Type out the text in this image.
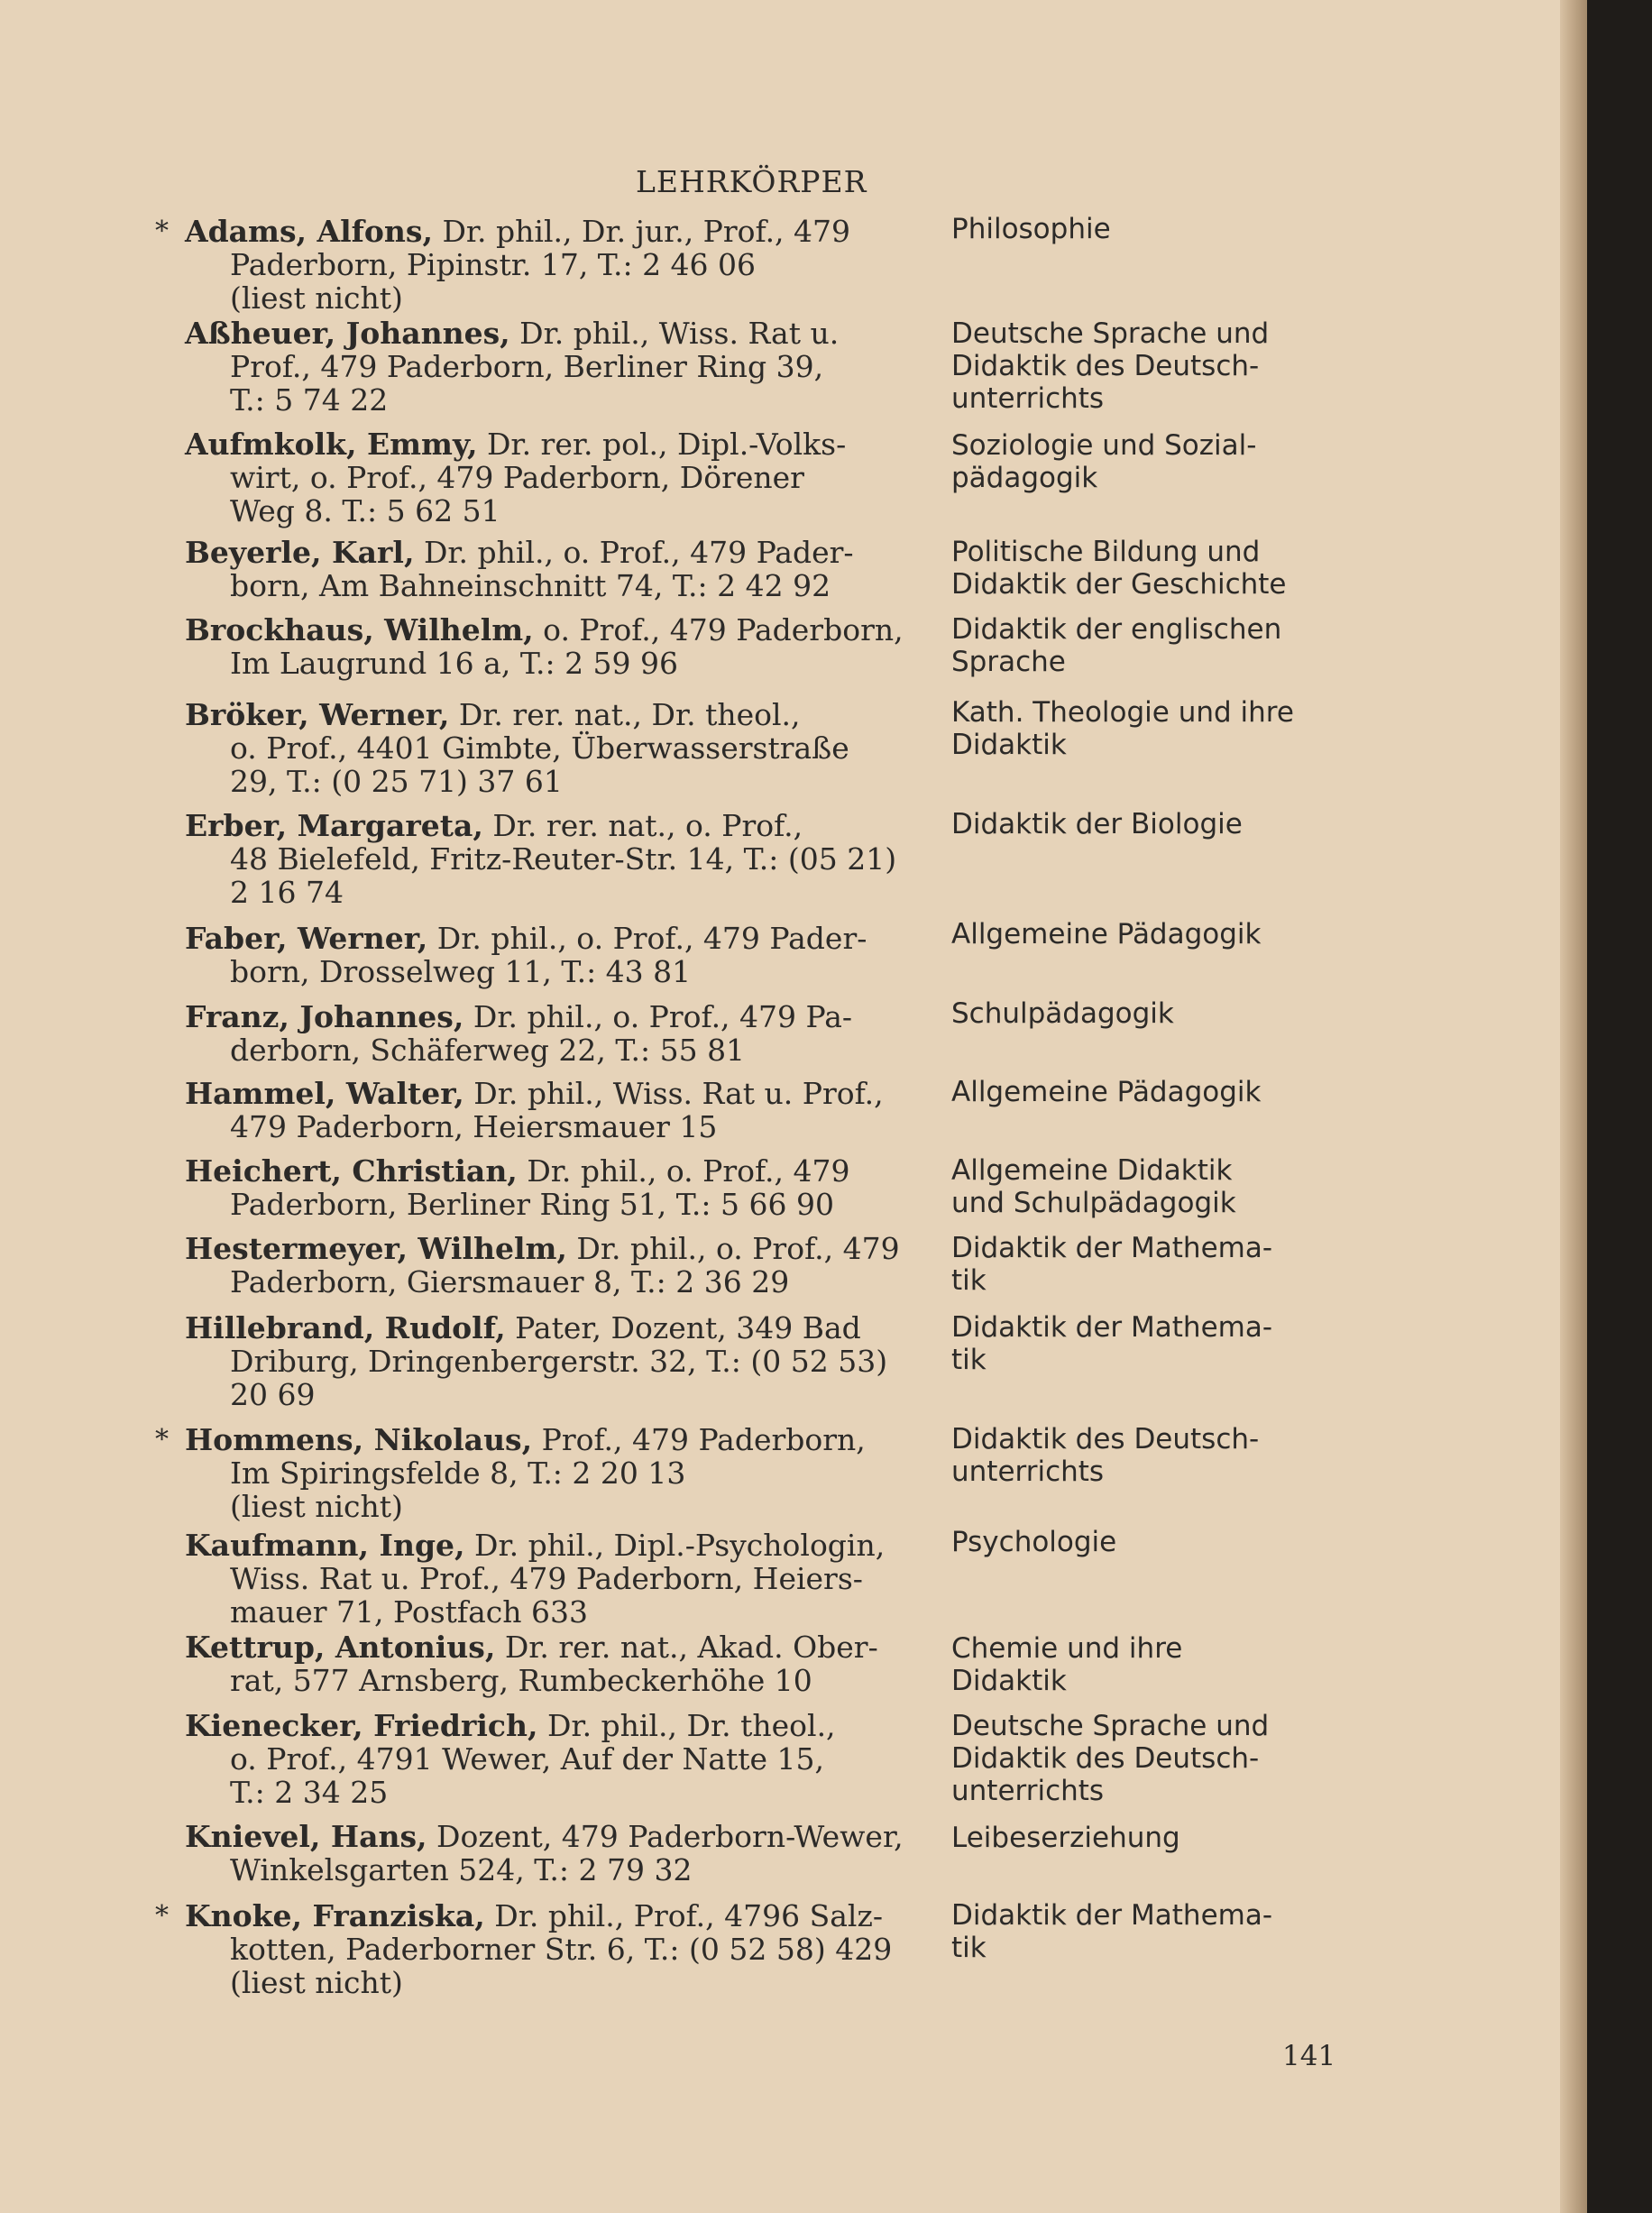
LEHRKÖRPER
* Adams, Alfons, Dr. phil., Dr. jur., Prof., 479
Paderborn, Pipinstr. 17, T.: 2 46 06
(liest nicht)
Philosophie
Aßheuer, Johannes, Dr. phil., Wiss. Rat u.
Prof., 479 Paderborn, Berliner Ring 39,
T.: 5 74 22
Deutsche Sprache und
Didaktik des Deutsch-
unterrichts
Aufmkolk, Emmy, Dr. rer. pol., Dipl.-Volks-
wirt, o. Prof., 479 Paderborn, Dörener
Weg 8. T.: 5 62 51
Soziologie und Sozial-
pädagogik
Beyerle, Karl, Dr. phil., o. Prof., 479 Pader-
born, Am Bahneinschnitt 74, T.: 2 42 92
Politische Bildung und
Didaktik der Geschichte
Brockhaus, Wilhelm, o. Prof., 479 Paderborn,
Im Laugrund 16 a, T.: 2 59 96
Didaktik der englischen
Sprache
Bröker, Werner, Dr. rer. nat., Dr. theol.,
o. Prof., 4401 Gimbte, Überwasserstraße
29, T.: (0 25 71) 37 61
Kath. Theologie und ihre
Didaktik
Erber, Margareta, Dr. rer. nat., o. Prof.,
48 Bielefeld, Fritz-Reuter-Str. 14, T.: (05 21)
2 16 74
Didaktik der Biologie
Faber, Werner, Dr. phil., o. Prof., 479 Pader-
born, Drosselweg 11, T.: 43 81
Allgemeine Pädagogik
Franz, Johannes, Dr. phil., o. Prof., 479 Pa-
derborn, Schäferweg 22, T.: 55 81
Schulpädagogik
Hammel, Walter, Dr. phil., Wiss. Rat u. Prof.,
479 Paderborn, Heiersmauer 15
Allgemeine Pädagogik
Heichert, Christian, Dr. phil., o. Prof., 479
Paderborn, Berliner Ring 51, T.: 5 66 90
Allgemeine Didaktik
und Schulpädagogik
Hestermeyer, Wilhelm, Dr. phil., o. Prof., 479
Paderborn, Giersmauer 8, T.: 2 36 29
Didaktik der Mathema-
tik
Hillebrand, Rudolf, Pater, Dozent, 349 Bad
Driburg, Dringenbergerstr. 32, T.: (0 52 53)
20 69
Didaktik der Mathema-
tik
* Hommens, Nikolaus, Prof., 479 Paderborn,
Im Spiringsfelde 8, T.: 2 20 13
(liest nicht)
Didaktik des Deutsch-
unterrichts
Kaufmann, Inge, Dr. phil., Dipl.-Psychologin,
Wiss. Rat u. Prof., 479 Paderborn, Heiers-
mauer 71, Postfach 633
Psychologie
Kettrup, Antonius, Dr. rer. nat., Akad. Ober-
rat, 577 Arnsberg, Rumbeckerhöhe 10
Chemie und ihre
Didaktik
Kienecker, Friedrich, Dr. phil., Dr. theol.,
o. Prof., 4791 Wewer, Auf der Natte 15,
T.: 2 34 25
Deutsche Sprache und
Didaktik des Deutsch-
unterrichts
Knievel, Hans, Dozent, 479 Paderborn-Wewer,
Winkelsgarten 524, T.: 2 79 32
Leibeserziehung
* Knoke, Franziska, Dr. phil., Prof., 4796 Salz-
kotten, Paderborner Str. 6, T.: (0 52 58) 429
(liest nicht)
Didaktik der Mathema-
tik
141
